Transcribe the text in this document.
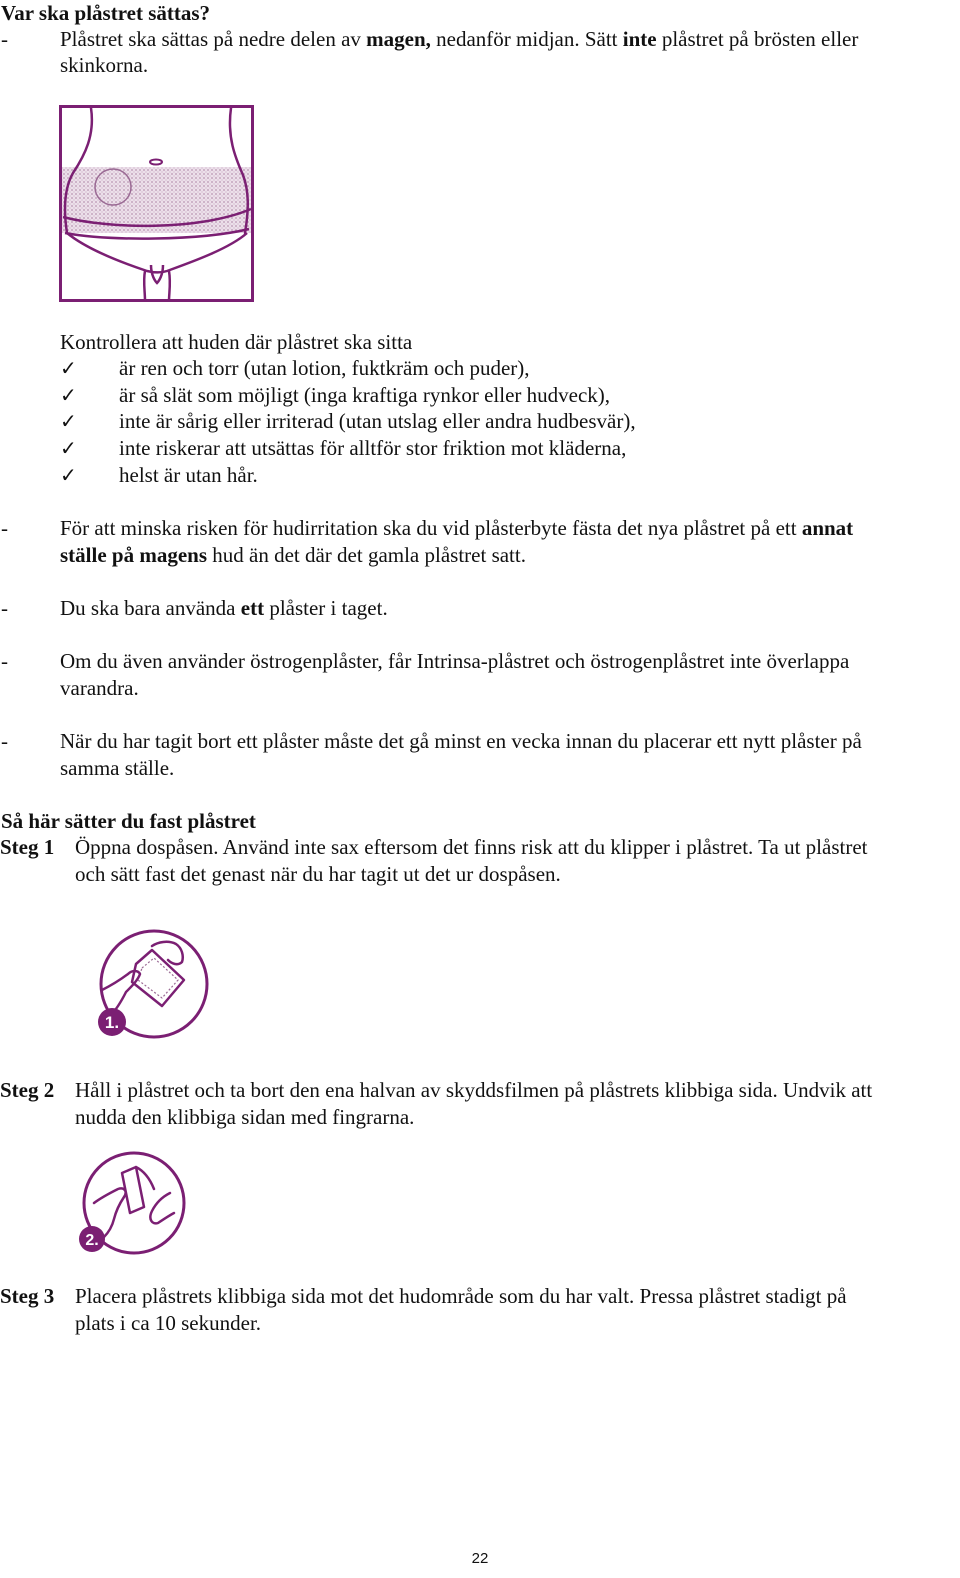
Var ska plåstret sättas?
- Plåstret ska sättas på nedre delen av magen, nedanför midjan. Sätt inte plåstret på brösten eller
skinkorna.
Kontrollera att huden där plåstret ska sitta
✓ är ren och torr (utan lotion, fuktkräm och puder),
✓ är så slät som möjligt (inga kraftiga rynkor eller hudveck),
✓ inte är sårig eller irriterad (utan utslag eller andra hudbesvär),
✓ inte riskerar att utsättas för alltför stor friktion mot kläderna,
✓ helst är utan hår.
- För att minska risken för hudirritation ska du vid plåsterbyte fästa det nya plåstret på ett annat
ställe på magens hud än det där det gamla plåstret satt.
- Du ska bara använda ett plåster i taget.
- Om du även använder östrogenplåster, får Intrinsa-plåstret och östrogenplåstret inte överlappa
varandra.
- När du har tagit bort ett plåster måste det gå minst en vecka innan du placerar ett nytt plåster på
samma ställe.
Så här sätter du fast plåstret
Steg 1 Öppna dospåsen. Använd inte sax eftersom det finns risk att du klipper i plåstret. Ta ut plåstret
och sätt fast det genast när du har tagit ut det ur dospåsen.
1.
Steg 2 Håll i plåstret och ta bort den ena halvan av skyddsfilmen på plåstrets klibbiga sida. Undvik att
nudda den klibbiga sidan med fingrarna.
2.
Steg 3 Placera plåstrets klibbiga sida mot det hudområde som du har valt. Pressa plåstret stadigt på
plats i ca 10 sekunder.
22
